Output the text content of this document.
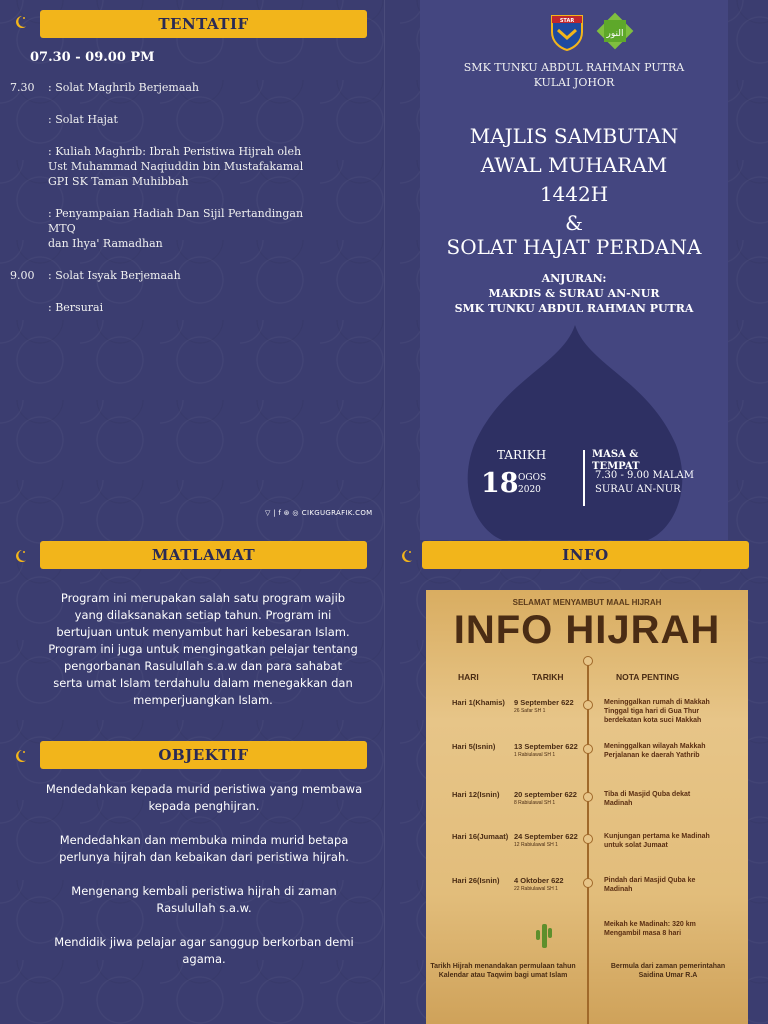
TENTATIF
07.30 - 09.00 PM
7.30	: Solat Maghrib Berjemaah
: Solat Hajat
: Kuliah Maghrib: Ibrah Peristiwa Hijrah oleh
Ust Muhammad Naqiuddin bin Mustafakamal
GPI SK Taman Muhibbah
: Penyampaian Hadiah Dan Sijil Pertandingan MTQ
dan Ihya' Ramadhan
9.00	: Solat Isyak Berjemaah
: Bersurai
▽ | f ⊛ ◎ CIKGUGRAFIK.COM
STAR
النور
SMK TUNKU ABDUL RAHMAN PUTRA
KULAI JOHOR
MAJLIS SAMBUTAN
AWAL MUHARAM
1442H
&
SOLAT HAJAT PERDANA
ANJURAN:
MAKDIS & SURAU AN-NUR
SMK TUNKU ABDUL RAHMAN PUTRA
TARIKH
18 OGOS
2020
MASA & TEMPAT
7.30 - 9.00 MALAM
SURAU AN-NUR
MATLAMAT
Program ini merupakan salah satu program wajib yang dilaksanakan setiap tahun. Program ini bertujuan untuk menyambut hari kebesaran Islam. Program ini juga untuk mengingatkan pelajar tentang pengorbanan Rasulullah s.a.w dan para sahabat serta umat Islam terdahulu dalam menegakkan dan memperjuangkan Islam.
OBJEKTIF
Mendedahkan kepada murid peristiwa yang membawa kepada penghijran.
Mendedahkan dan membuka minda murid betapa perlunya hijrah dan kebaikan dari peristiwa hijrah.
Mengenang kembali peristiwa hijrah di zaman Rasulullah s.a.w.
Mendidik jiwa pelajar agar sanggup berkorban demi agama.
INFO
SELAMAT MENYAMBUT MAAL HIJRAH
INFO HIJRAH
HARI	TARIKH	NOTA PENTING
Hari 1(Khamis) 9 September 622
26 Safar SH 1
Meninggalkan rumah di Makkah Tinggal tiga hari di Gua Thur berdekatan kota suci Makkah
Hari 5(Isnin) 13 September 622
1 Rabiulawal SH 1
Meninggalkan wilayah Makkah Perjalanan ke daerah Yathrib
Hari 12(Isnin) 20 september 622
8 Rabiulawal SH 1
Tiba di Masjid Quba dekat Madinah
Hari 16(Jumaat) 24 September 622
12 Rabiulawal SH 1
Kunjungan pertama ke Madinah untuk solat Jumaat
Hari 26(Isnin) 4 Oktober 622
22 Rabiulawal SH 1
Pindah dari Masjid Quba ke Madinah
Meikah ke Madinah: 320 km Mengambil masa 8 hari
Tarikh Hijrah menandakan permulaan tahun Kalendar atau Taqwim bagi umat Islam
Bermula dari zaman pemerintahan Saidina Umar R.A
